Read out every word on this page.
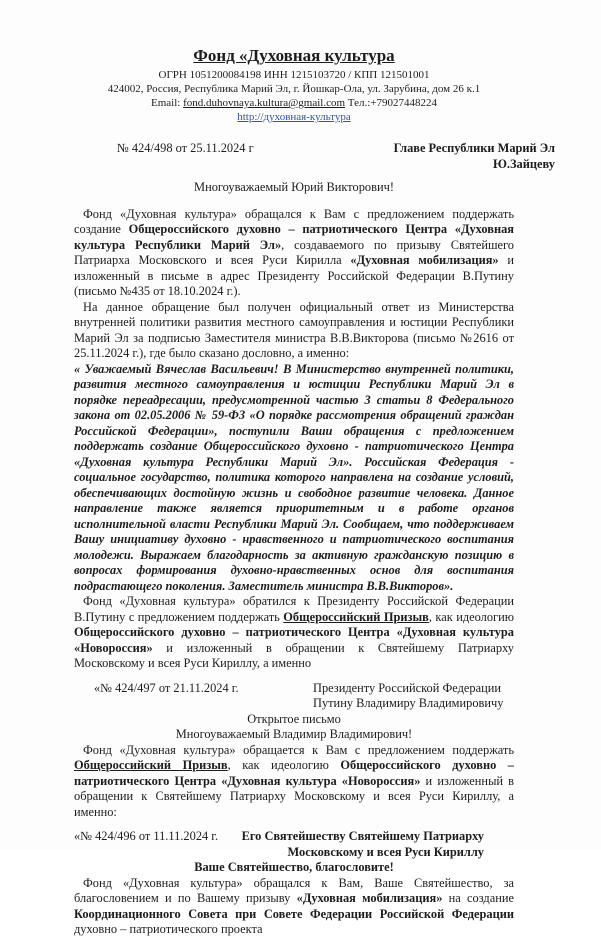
Фонд «Духовная культура
ОГРН 1051200084198 ИНН 1215103720 / КПП 121501001
424002, Россия, Республика Марий Эл, г. Йошкар-Ола, ул. Зарубина, дом 26 к.1
Email: fond.duhovnaya.kultura@gmail.com Тел.:+79027448224
http://духовная-культура
№ 424/498 от 25.11.2024 г	Главе Республики Марий Эл
Ю.Зайцеву
Многоуважаемый Юрий Викторович!
Фонд «Духовная культура» обращался к Вам с предложением поддержать создание Общероссийского духовно – патриотического Центра «Духовная культура Республики Марий Эл», создаваемого по призыву Святейшего Патриарха Московского и всея Руси Кирилла «Духовная мобилизация» и изложенный в письме в адрес Президенту Российской Федерации В.Путину (письмо №435 от 18.10.2024 г.).
На данное обращение был получен официальный ответ из Министерства внутренней политики развития местного самоуправления и юстиции Республики Марий Эл за подписью Заместителя министра В.В.Викторова (письмо №2616 от 25.11.2024 г.), где было сказано дословно, а именно:
« Уважаемый Вячеслав Васильевич! В Министерство внутренней политики, развития местного самоуправления и юстиции Республики Марий Эл в порядке переадресации, предусмотренной частью 3 статьи 8 Федерального закона от 02.05.2006 № 59-ФЗ «О порядке рассмотрения обращений граждан Российской Федерации», поступили Ваши обращения с предложением поддержать создание Общероссийского духовно - патриотического Центра «Духовная культура Республики Марий Эл». Российская Федерация - социальное государство, политика которого направлена на создание условий, обеспечивающих достойную жизнь и свободное развитие человека. Данное направление также является приоритетным и в работе органов исполнительной власти Республики Марий Эл. Сообщаем, что поддерживаем Вашу инициативу духовно - нравственного и патриотического воспитания молодежи. Выражаем благодарность за активную гражданскую позицию в вопросах формирования духовно-нравственных основ для воспитания подрастающего поколения. Заместитель министра В.В.Викторов».
Фонд «Духовная культура» обратился к Президенту Российской Федерации В.Путину с предложением поддержать Общероссийский Призыв, как идеологию Общероссийского духовно – патриотического Центра «Духовная культура «Новороссия» и изложенный в обращении к Святейшему Патриарху Московскому и всея Руси Кириллу, а именно
«№ 424/497 от 21.11.2024 г.	Президенту Российской Федерации
Путину Владимиру Владимировичу
Открытое письмо
Многоуважаемый Владимир Владимирович!
Фонд «Духовная культура» обращается к Вам с предложением поддержать Общероссийский Призыв, как идеологию Общероссийского духовно – патриотического Центра «Духовная культура «Новороссия» и изложенный в обращении к Святейшему Патриарху Московскому и всея Руси Кириллу, а именно:
«№ 424/496 от 11.11.2024 г. Его Святейшеству Святейшему Патриарху
Московскому и всея Руси Кириллу
Ваше Святейшество, благословите!
Фонд «Духовная культура» обращался к Вам, Ваше Святейшество, за благословением и по Вашему призыву «Духовная мобилизация» на создание Координационного Совета при Совете Федерации Российской Федерации духовно – патриотического проекта
